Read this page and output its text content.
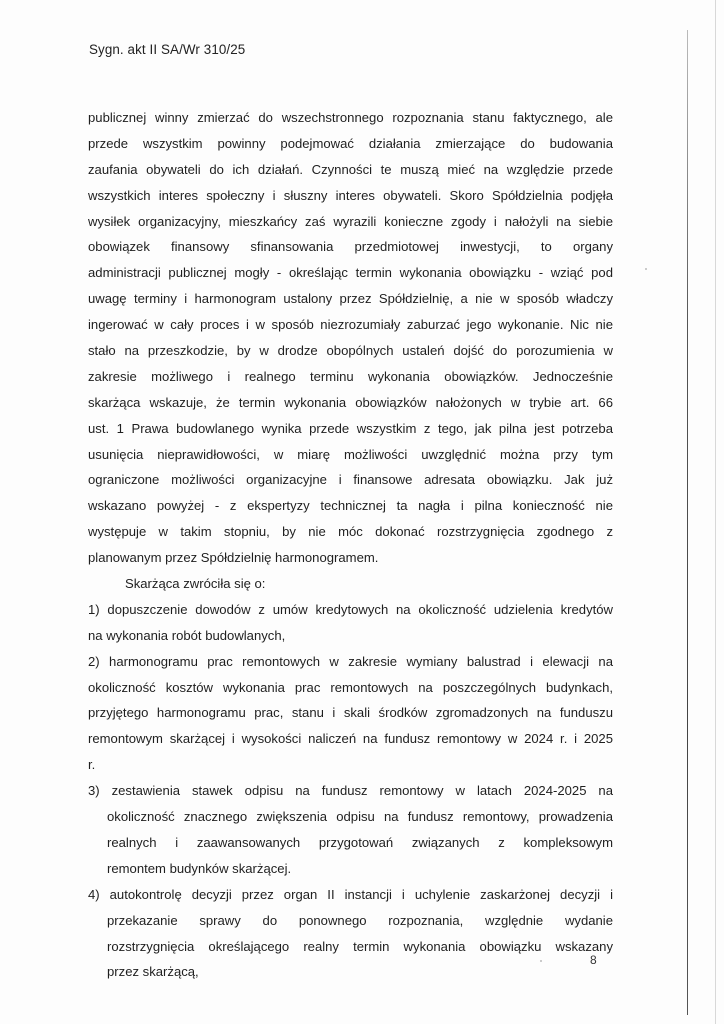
Sygn. akt II SA/Wr 310/25
publicznej winny zmierzać do wszechstronnego rozpoznania stanu faktycznego, ale
przede wszystkim powinny podejmować działania zmierzające do budowania
zaufania obywateli do ich działań. Czynności te muszą mieć na względzie przede
wszystkich interes społeczny i słuszny interes obywateli. Skoro Spółdzielnia podjęła
wysiłek organizacyjny, mieszkańcy zaś wyrazili konieczne zgody i nałożyli na siebie
obowiązek finansowy sfinansowania przedmiotowej inwestycji, to organy
administracji publicznej mogły - określając termin wykonania obowiązku - wziąć pod
uwagę terminy i harmonogram ustalony przez Spółdzielnię, a nie w sposób władczy
ingerować w cały proces i w sposób niezrozumiały zaburzać jego wykonanie. Nic nie
stało na przeszkodzie, by w drodze obopólnych ustaleń dojść do porozumienia w
zakresie możliwego i realnego terminu wykonania obowiązków. Jednocześnie
skarżąca wskazuje, że termin wykonania obowiązków nałożonych w trybie art. 66
ust. 1 Prawa budowlanego wynika przede wszystkim z tego, jak pilna jest potrzeba
usunięcia nieprawidłowości, w miarę możliwości uwzględnić można przy tym
ograniczone możliwości organizacyjne i finansowe adresata obowiązku. Jak już
wskazano powyżej - z ekspertyzy technicznej ta nagła i pilna konieczność nie
występuje w takim stopniu, by nie móc dokonać rozstrzygnięcia zgodnego z
planowanym przez Spółdzielnię harmonogramem.
Skarżąca zwróciła się o:
1) dopuszczenie dowodów z umów kredytowych na okoliczność udzielenia kredytów
na wykonania robót budowlanych,
2) harmonogramu prac remontowych w zakresie wymiany balustrad i elewacji na
okoliczność kosztów wykonania prac remontowych na poszczególnych budynkach,
przyjętego harmonogramu prac, stanu i skali środków zgromadzonych na funduszu
remontowym skarżącej i wysokości naliczeń na fundusz remontowy w 2024 r. i 2025
r.
3) zestawienia stawek odpisu na fundusz remontowy w latach 2024-2025 na
okoliczność znacznego zwiększenia odpisu na fundusz remontowy, prowadzenia
realnych i zaawansowanych przygotowań związanych z kompleksowym
remontem budynków skarżącej.
4) autokontrolę decyzji przez organ II instancji i uchylenie zaskarżonej decyzji i
przekazanie sprawy do ponownego rozpoznania, względnie wydanie
rozstrzygnięcia określającego realny termin wykonania obowiązku wskazany
przez skarżącą,
8
